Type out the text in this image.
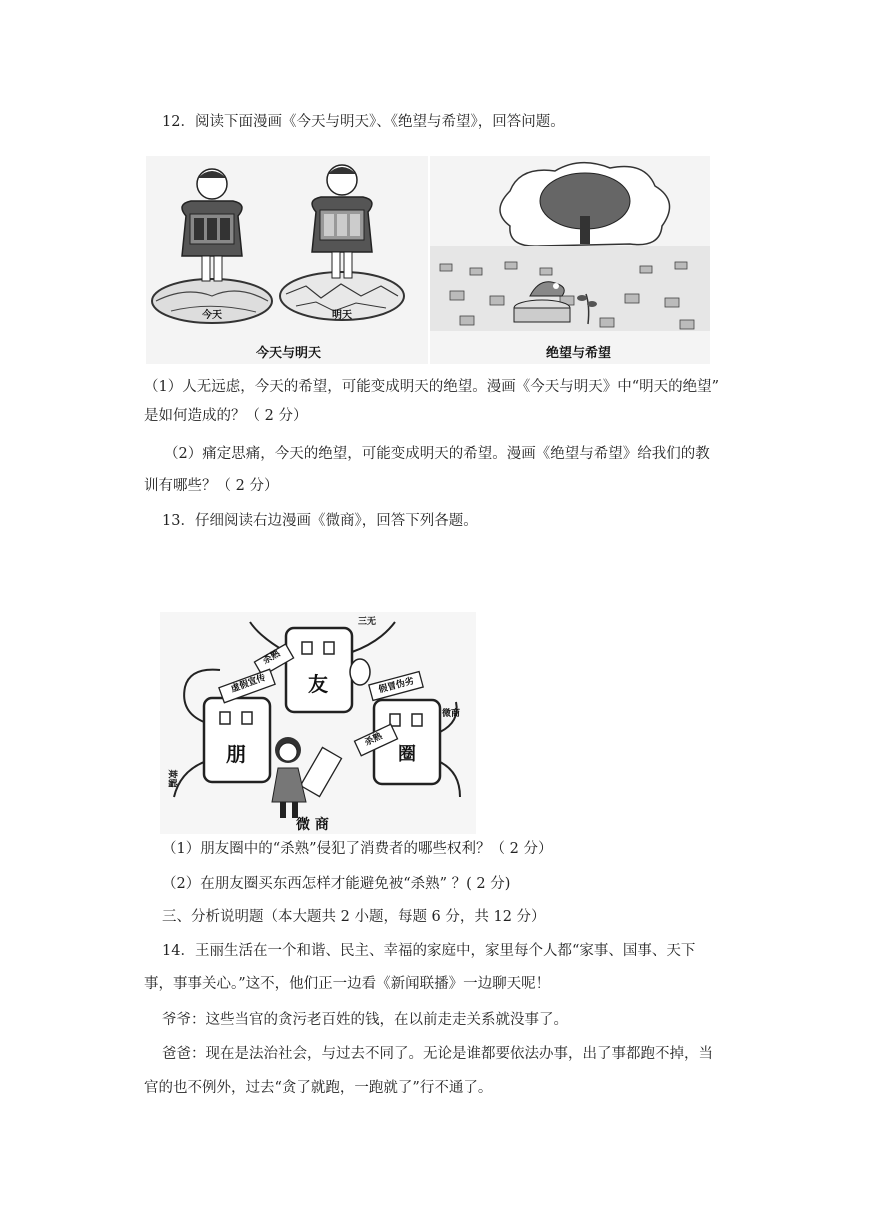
12．阅读下面漫画《今天与明天》、《绝望与希望》，回答问题。
今天	明天
今天与明天	绝望与希望
（1）人无远虑，今天的希望，可能变成明天的绝望。漫画《今天与明天》中“明天的绝望”
是如何造成的？（ 2 分）
（2）痛定思痛，今天的绝望，可能变成明天的希望。漫画《绝望与希望》给我们的教
训有哪些？（ 2 分）
13．仔细阅读右边漫画《微商》，回答下列各题。
朋
友
圈
杀熟
虚假宣传	假冒伪劣
杀熟
三无
微商
欺骗
微 商
（1）朋友圈中的“杀熟”侵犯了消费者的哪些权利？（ 2 分）
（2）在朋友圈买东西怎样才能避免被“杀熟” ？( 2 分)
三、分析说明题（本大题共 2 小题，每题 6 分，共 12 分）
14．王丽生活在一个和谐、民主、幸福的家庭中，家里每个人都“家事、国事、天下
事，事事关心。”这不，他们正一边看《新闻联播》一边聊天呢！
爷爷：这些当官的贪污老百姓的钱，在以前走走关系就没事了。
爸爸：现在是法治社会，与过去不同了。无论是谁都要依法办事，出了事都跑不掉，当
官的也不例外，过去“贪了就跑，一跑就了”行不通了。
